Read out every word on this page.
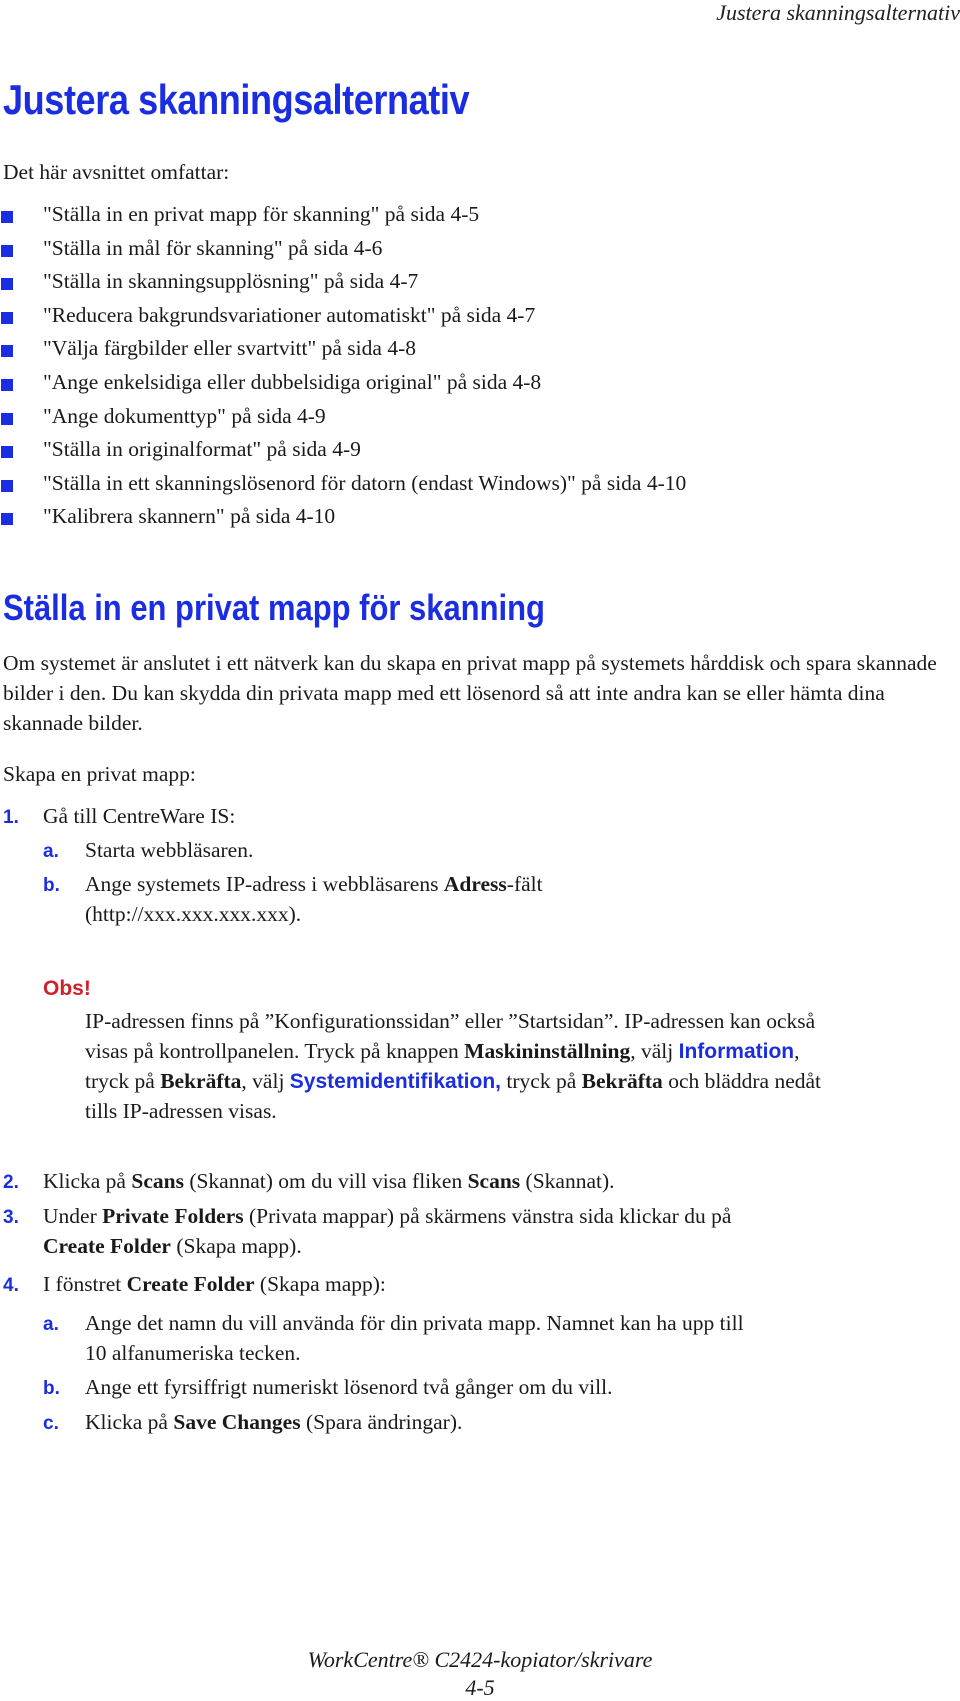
Justera skanningsalternativ
Justera skanningsalternativ

Det här avsnittet omfattar:

"Ställa in en privat mapp för skanning" på sida 4-5
"Ställa in mål för skanning" på sida 4-6
"Ställa in skanningsupplösning" på sida 4-7
"Reducera bakgrundsvariationer automatiskt" på sida 4-7
"Välja färgbilder eller svartvitt" på sida 4-8
"Ange enkelsidiga eller dubbelsidiga original" på sida 4-8
"Ange dokumenttyp" på sida 4-9
"Ställa in originalformat" på sida 4-9
"Ställa in ett skanningslösenord för datorn (endast Windows)" på sida 4-10
"Kalibrera skannern" på sida 4-10
Ställa in en privat mapp för skanning

Om systemet är anslutet i ett nätverk kan du skapa en privat mapp på systemets hårddisk och spara skannade bilder i den. Du kan skydda din privata mapp med ett lösenord så att inte andra kan se eller hämta dina skannade bilder.

Skapa en privat mapp:

1. Gå till CentreWare IS:
a. Starta webbläsaren.
b. Ange systemets IP-adress i webbläsarens Adress-fält
(http://xxx.xxx.xxx.xxx).
Obs!
IP-adressen finns på ”Konfigurationssidan” eller ”Startsidan”. IP-adressen kan också
visas på kontrollpanelen. Tryck på knappen Maskininställning, välj Information,
tryck på Bekräfta, välj Systemidentifikation, tryck på Bekräfta och bläddra nedåt
tills IP-adressen visas.
2. Klicka på Scans (Skannat) om du vill visa fliken Scans (Skannat).
3. Under Private Folders (Privata mappar) på skärmens vänstra sida klickar du på
Create Folder (Skapa mapp).
4. I fönstret Create Folder (Skapa mapp):
a. Ange det namn du vill använda för din privata mapp. Namnet kan ha upp till
10 alfanumeriska tecken.
b. Ange ett fyrsiffrigt numeriskt lösenord två gånger om du vill.
c. Klicka på Save Changes (Spara ändringar).
WorkCentre® C2424-kopiator/skrivare
4-5
